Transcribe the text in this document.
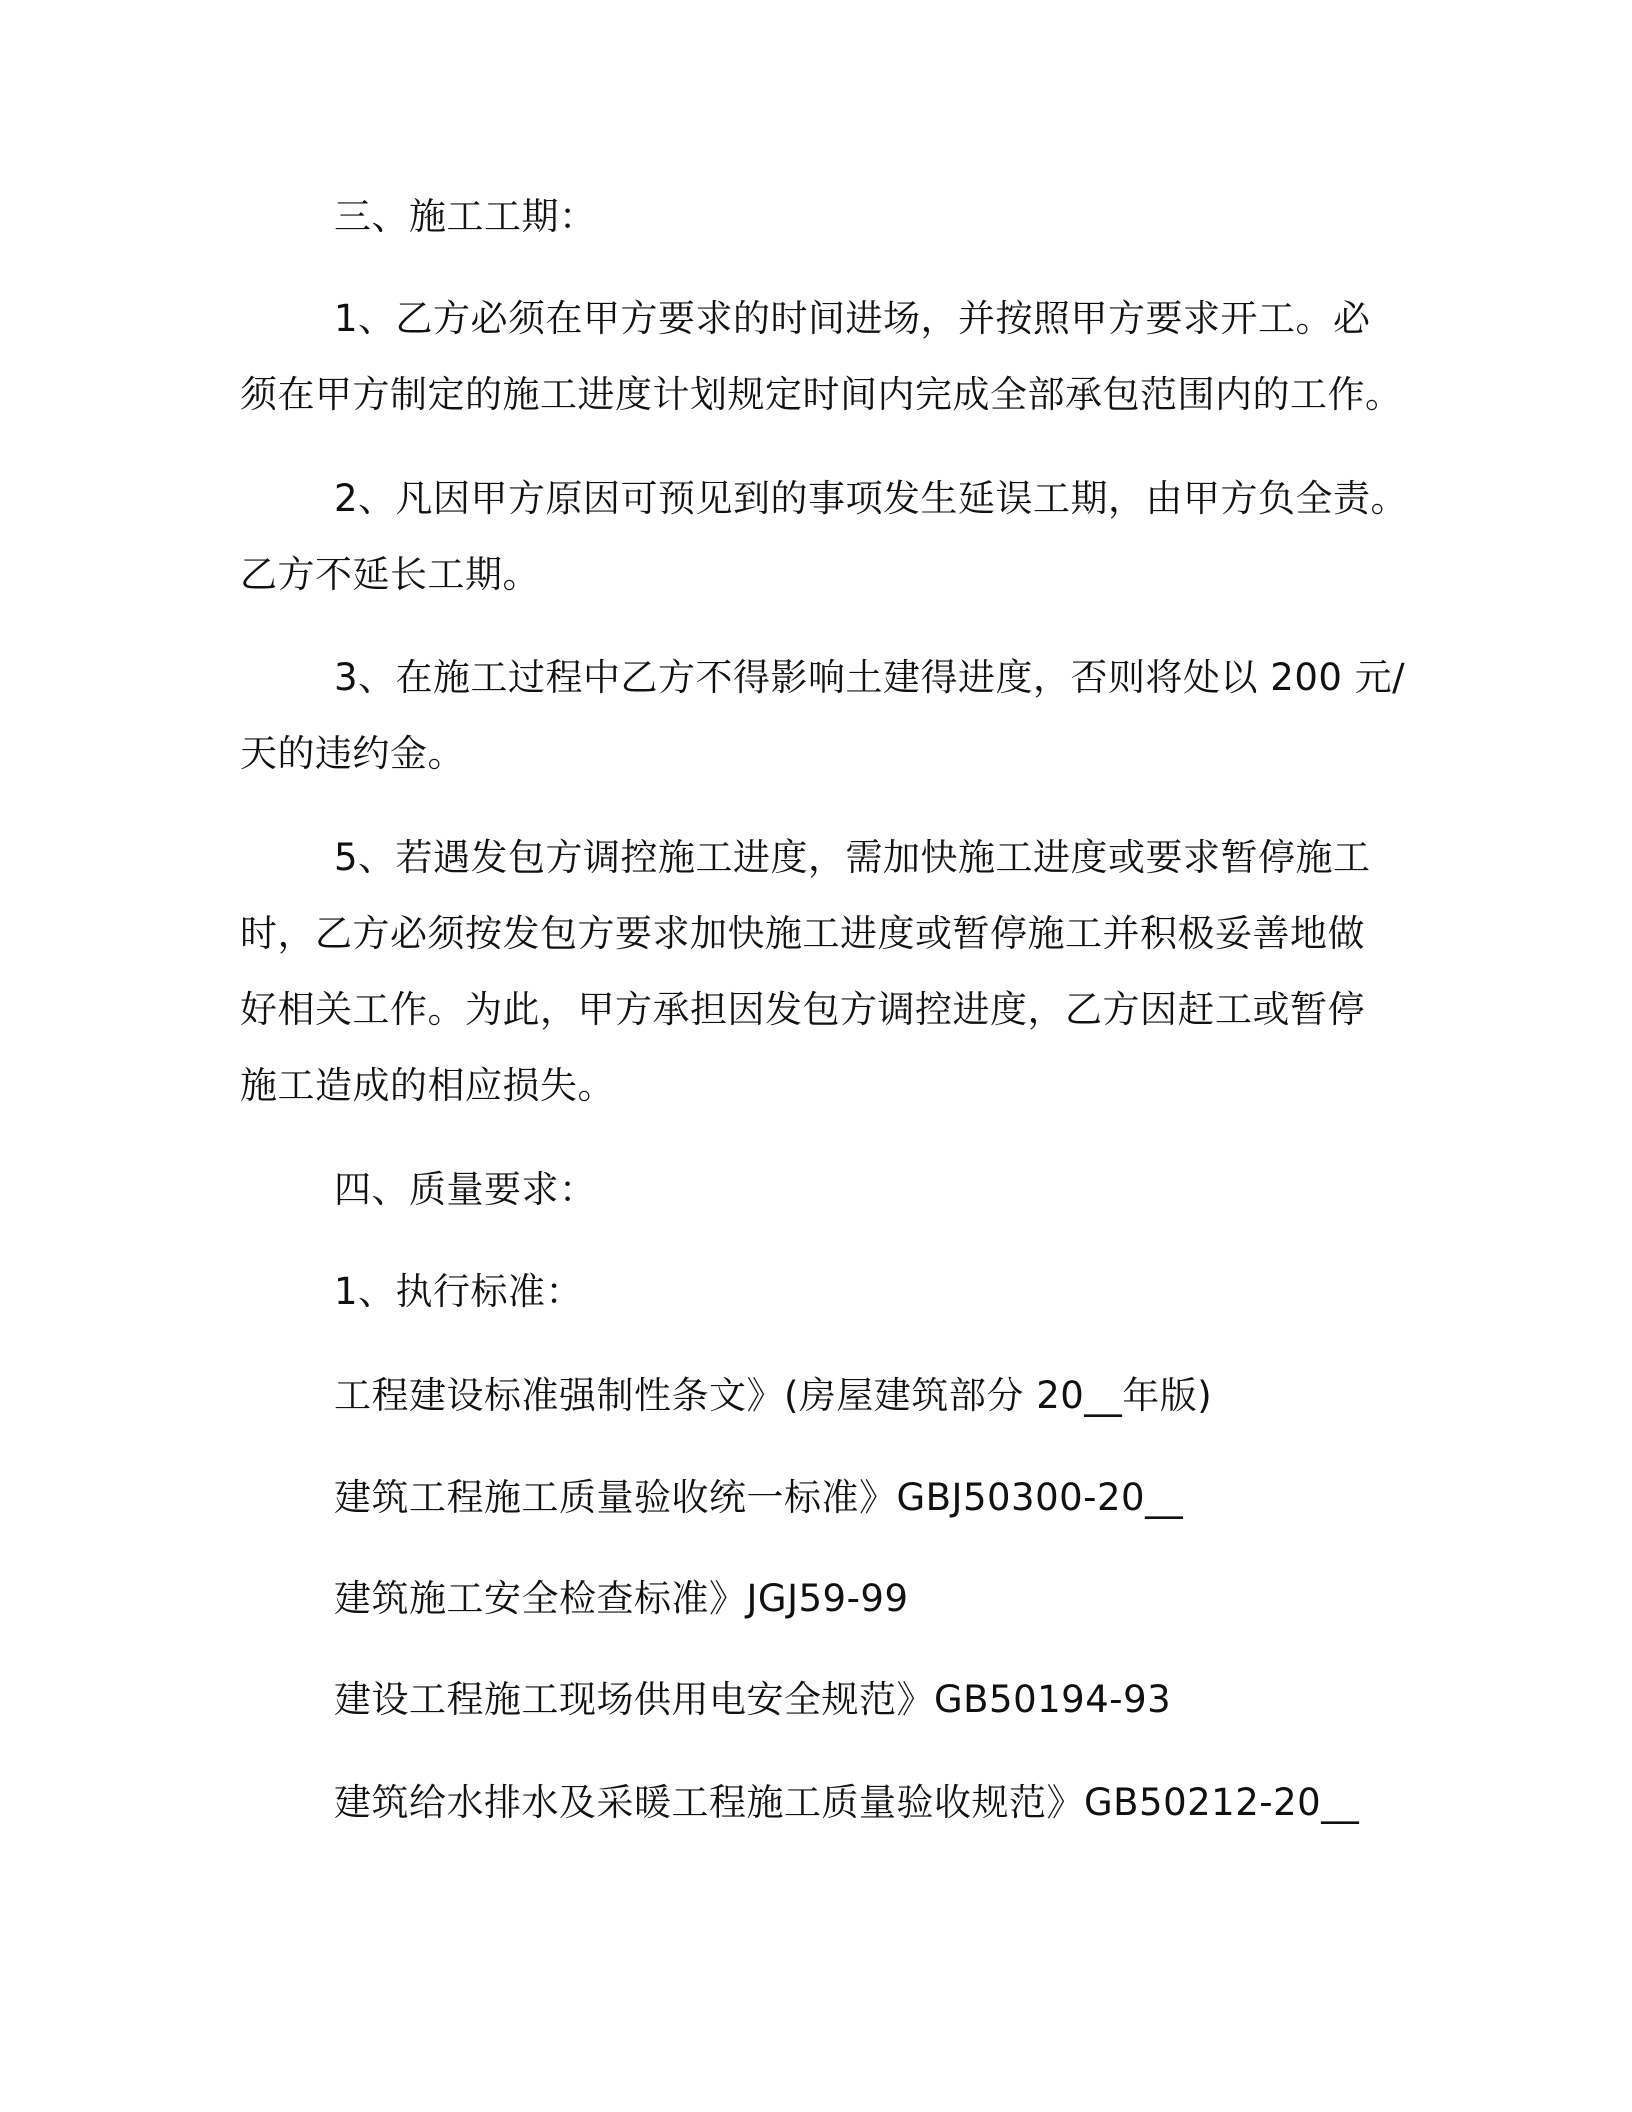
三、施工工期：
1、乙方必须在甲方要求的时间进场，并按照甲方要求开工。必
须在甲方制定的施工进度计划规定时间内完成全部承包范围内的工作。
2、凡因甲方原因可预见到的事项发生延误工期，由甲方负全责。
乙方不延长工期。
3、在施工过程中乙方不得影响土建得进度，否则将处以 200 元/
天的违约金。
5、若遇发包方调控施工进度，需加快施工进度或要求暂停施工
时，乙方必须按发包方要求加快施工进度或暂停施工并积极妥善地做
好相关工作。为此，甲方承担因发包方调控进度，乙方因赶工或暂停
施工造成的相应损失。
四、质量要求：
1、执行标准：
工程建设标准强制性条文》(房屋建筑部分 20__年版)
建筑工程施工质量验收统一标准》GBJ50300-20__
建筑施工安全检查标准》JGJ59-99
建设工程施工现场供用电安全规范》GB50194-93
建筑给水排水及采暖工程施工质量验收规范》GB50212-20__
